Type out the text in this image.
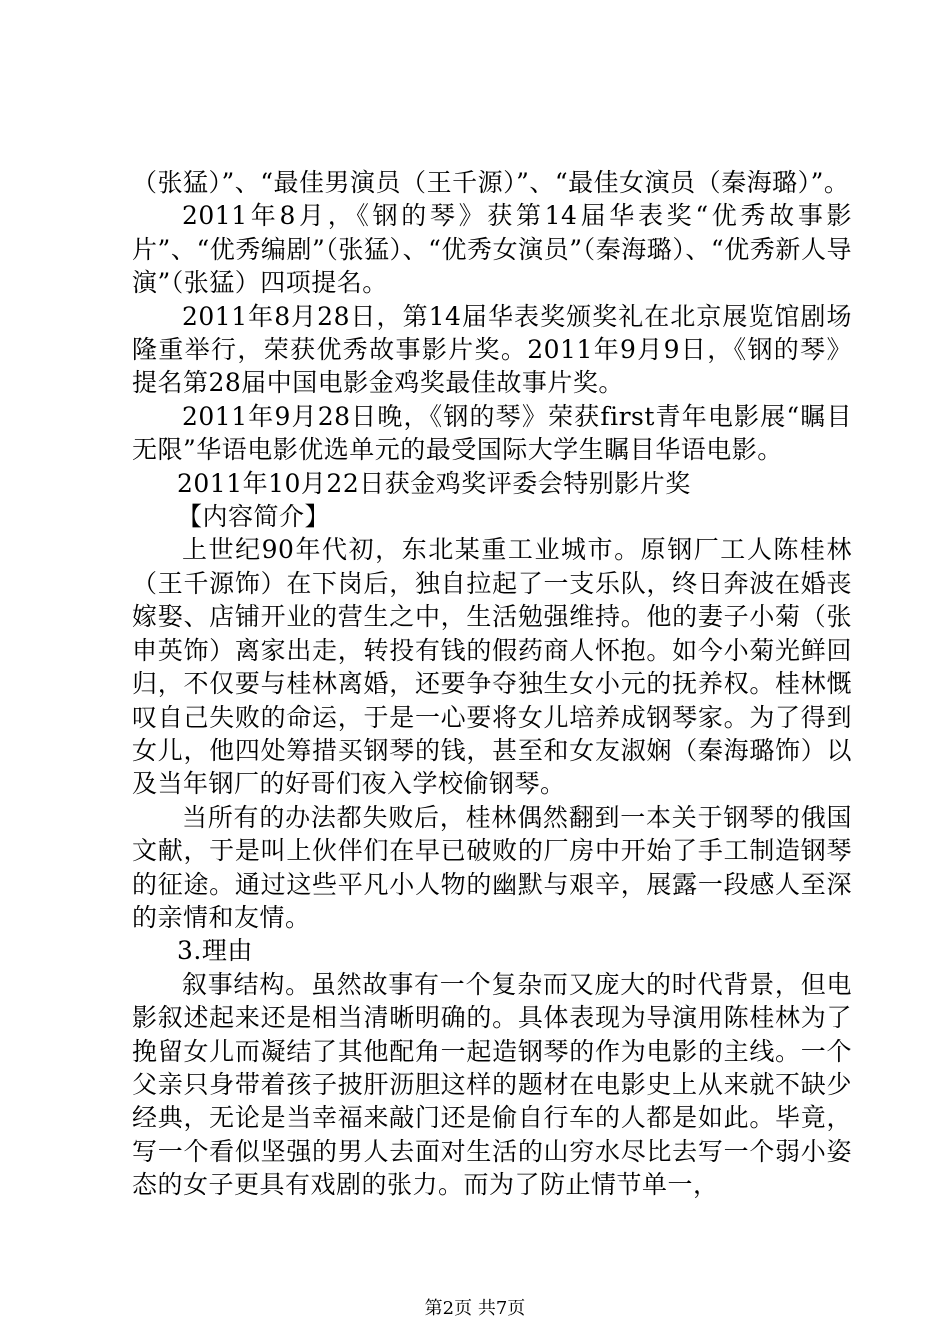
（张猛）”、“最佳男演员（王千源）”、“最佳女演员（秦海璐）”。

2011年8月，《钢的琴》获第14届华表奖“优秀故事影片”、“优秀编剧”（张猛）、“优秀女演员”（秦海璐）、“优秀新人导演”（张猛）四项提名。

2011年8月28日，第14届华表奖颁奖礼在北京展览馆剧场隆重举行，荣获优秀故事影片奖。2011年9月9日，《钢的琴》提名第28届中国电影金鸡奖最佳故事片奖。

2011年9月28日晚，《钢的琴》荣获first青年电影展“瞩目无限”华语电影优选单元的最受国际大学生瞩目华语电影。

2011年10月22日获金鸡奖评委会特别影片奖

【内容简介】

上世纪90年代初，东北某重工业城市。原钢厂工人陈桂林（王千源饰）在下岗后，独自拉起了一支乐队，终日奔波在婚丧嫁娶、店铺开业的营生之中，生活勉强维持。他的妻子小菊（张申英饰）离家出走，转投有钱的假药商人怀抱。如今小菊光鲜回归，不仅要与桂林离婚，还要争夺独生女小元的抚养权。桂林慨叹自己失败的命运，于是一心要将女儿培养成钢琴家。为了得到女儿，他四处筹措买钢琴的钱，甚至和女友淑娴（秦海璐饰）以及当年钢厂的好哥们夜入学校偷钢琴。

当所有的办法都失败后，桂林偶然翻到一本关于钢琴的俄国文献，于是叫上伙伴们在早已破败的厂房中开始了手工制造钢琴的征途。通过这些平凡小人物的幽默与艰辛，展露一段感人至深的亲情和友情。

3.理由

叙事结构。虽然故事有一个复杂而又庞大的时代背景，但电影叙述起来还是相当清晰明确的。具体表现为导演用陈桂林为了挽留女儿而凝结了其他配角一起造钢琴的作为电影的主线。一个父亲只身带着孩子披肝沥胆这样的题材在电影史上从来就不缺少经典，无论是当幸福来敲门还是偷自行车的人都是如此。毕竟，写一个看似坚强的男人去面对生活的山穷水尽比去写一个弱小姿态的女子更具有戏剧的张力。而为了防止情节单一，

第2页 共7页
